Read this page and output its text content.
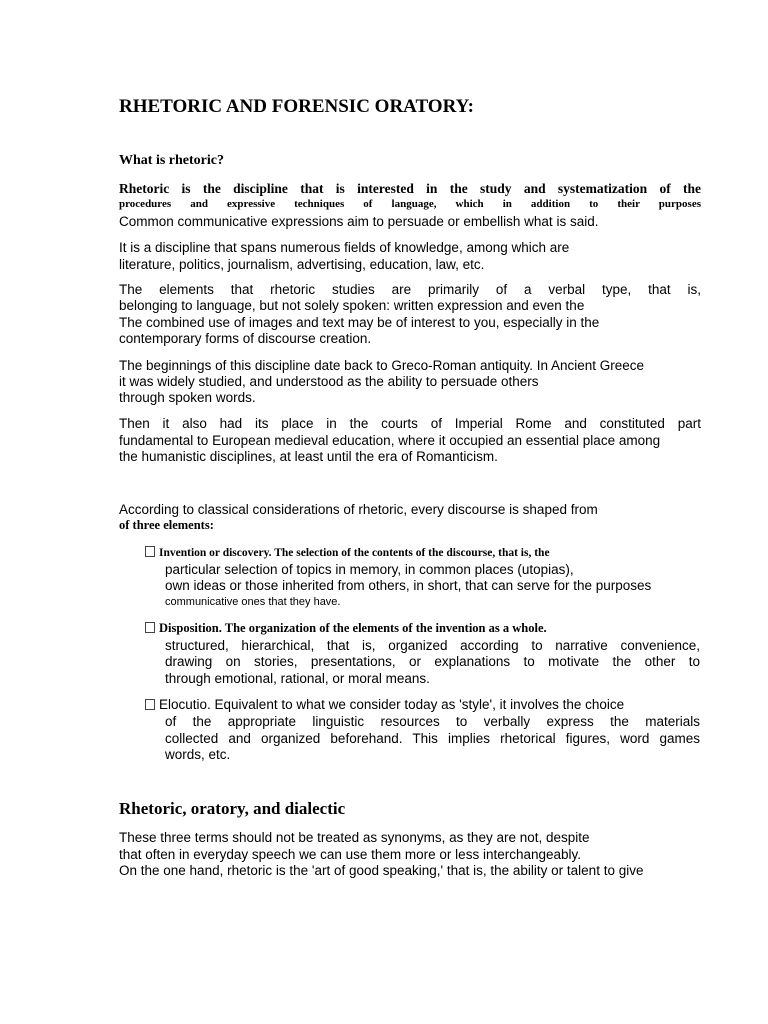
RHETORIC AND FORENSIC ORATORY:
What is rhetoric?
Rhetoric is the discipline that is interested in the study and systematization of the
procedures and expressive techniques of language, which in addition to their purposes
Common communicative expressions aim to persuade or embellish what is said.
It is a discipline that spans numerous fields of knowledge, among which are
literature, politics, journalism, advertising, education, law, etc.
The elements that rhetoric studies are primarily of a verbal type, that is,
belonging to language, but not solely spoken: written expression and even the
The combined use of images and text may be of interest to you, especially in the
contemporary forms of discourse creation.
The beginnings of this discipline date back to Greco-Roman antiquity. In Ancient Greece
it was widely studied, and understood as the ability to persuade others
through spoken words.
Then it also had its place in the courts of Imperial Rome and constituted part
fundamental to European medieval education, where it occupied an essential place among
the humanistic disciplines, at least until the era of Romanticism.
According to classical considerations of rhetoric, every discourse is shaped from
of three elements:
Invention or discovery. The selection of the contents of the discourse, that is, the
particular selection of topics in memory, in common places (utopias),
own ideas or those inherited from others, in short, that can serve for the purposes
communicative ones that they have.
Disposition. The organization of the elements of the invention as a whole.
structured, hierarchical, that is, organized according to narrative convenience,
drawing on stories, presentations, or explanations to motivate the other to
through emotional, rational, or moral means.
Elocutio. Equivalent to what we consider today as 'style', it involves the choice
of the appropriate linguistic resources to verbally express the materials
collected and organized beforehand. This implies rhetorical figures, word games
words, etc.
Rhetoric, oratory, and dialectic
These three terms should not be treated as synonyms, as they are not, despite
that often in everyday speech we can use them more or less interchangeably.
On the one hand, rhetoric is the 'art of good speaking,' that is, the ability or talent to give
